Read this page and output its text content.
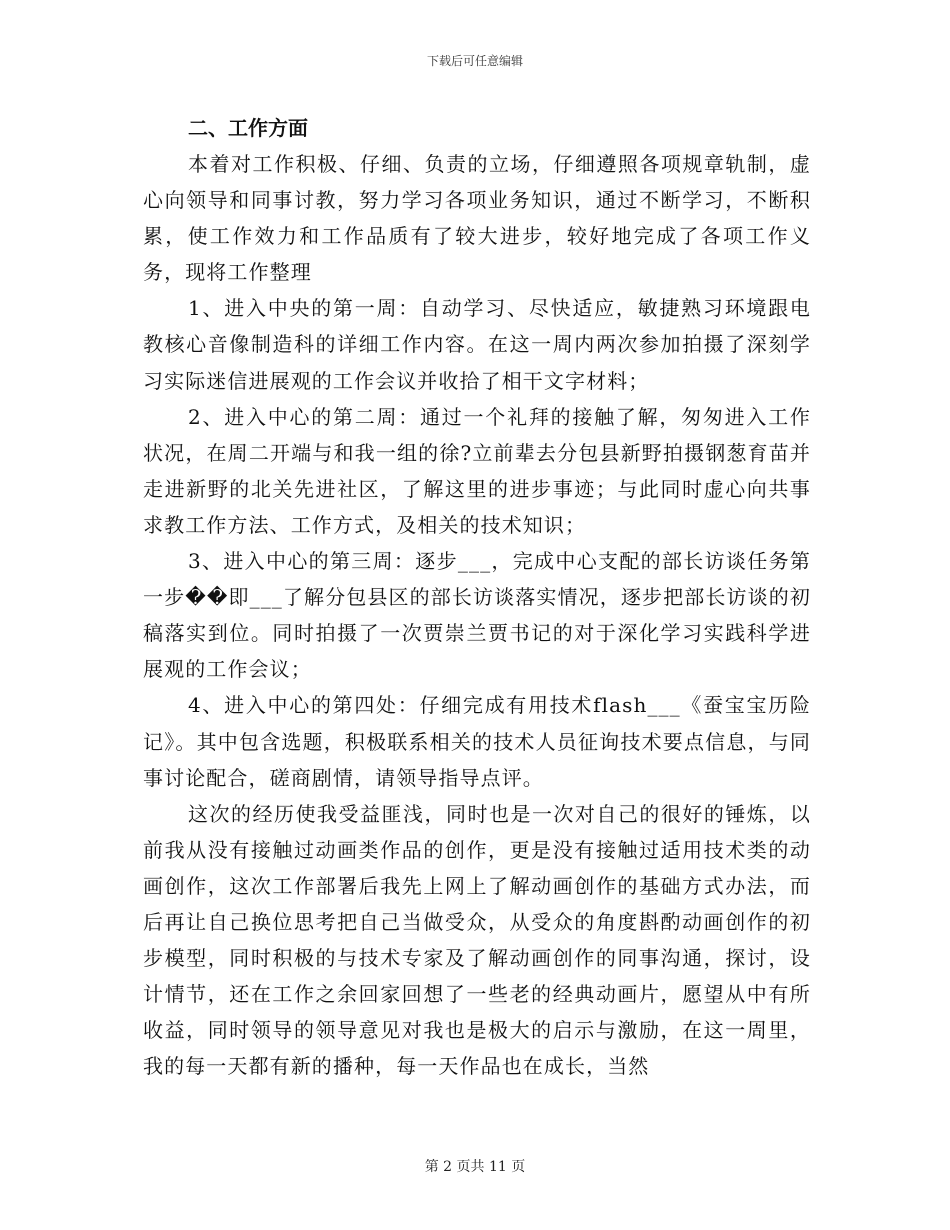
下载后可任意编辑

二、工作方面

本着对工作积极、仔细、负责的立场，仔细遵照各项规章轨制，虚心向领导和同事讨教，努力学习各项业务知识，通过不断学习，不断积累，使工作效力和工作品质有了较大进步，较好地完成了各项工作义务，现将工作整理

1、进入中央的第一周：自动学习、尽快适应，敏捷熟习环境跟电教核心音像制造科的详细工作内容。在这一周内两次参加拍摄了深刻学习实际迷信进展观的工作会议并收拾了相干文字材料；

2、进入中心的第二周：通过一个礼拜的接触了解，匆匆进入工作状况，在周二开端与和我一组的徐?立前辈去分包县新野拍摄钢葱育苗并走进新野的北关先进社区，了解这里的进步事迹；与此同时虚心向共事求教工作方法、工作方式，及相关的技术知识；

3、进入中心的第三周：逐步___，完成中心支配的部长访谈任务第一步��即___了解分包县区的部长访谈落实情况，逐步把部长访谈的初稿落实到位。同时拍摄了一次贾崇兰贾书记的对于深化学习实践科学进展观的工作会议；

4、进入中心的第四处：仔细完成有用技术flash___《蚕宝宝历险记》。其中包含选题，积极联系相关的技术人员征询技术要点信息，与同事讨论配合，磋商剧情，请领导指导点评。

这次的经历使我受益匪浅，同时也是一次对自己的很好的锤炼，以前我从没有接触过动画类作品的创作，更是没有接触过适用技术类的动画创作，这次工作部署后我先上网上了解动画创作的基础方式办法，而后再让自己换位思考把自己当做受众，从受众的角度斟酌动画创作的初步模型，同时积极的与技术专家及了解动画创作的同事沟通，探讨，设计情节，还在工作之余回家回想了一些老的经典动画片，愿望从中有所收益，同时领导的领导意见对我也是极大的启示与激励，在这一周里，我的每一天都有新的播种，每一天作品也在成长，当然

第 2 页共 11 页
